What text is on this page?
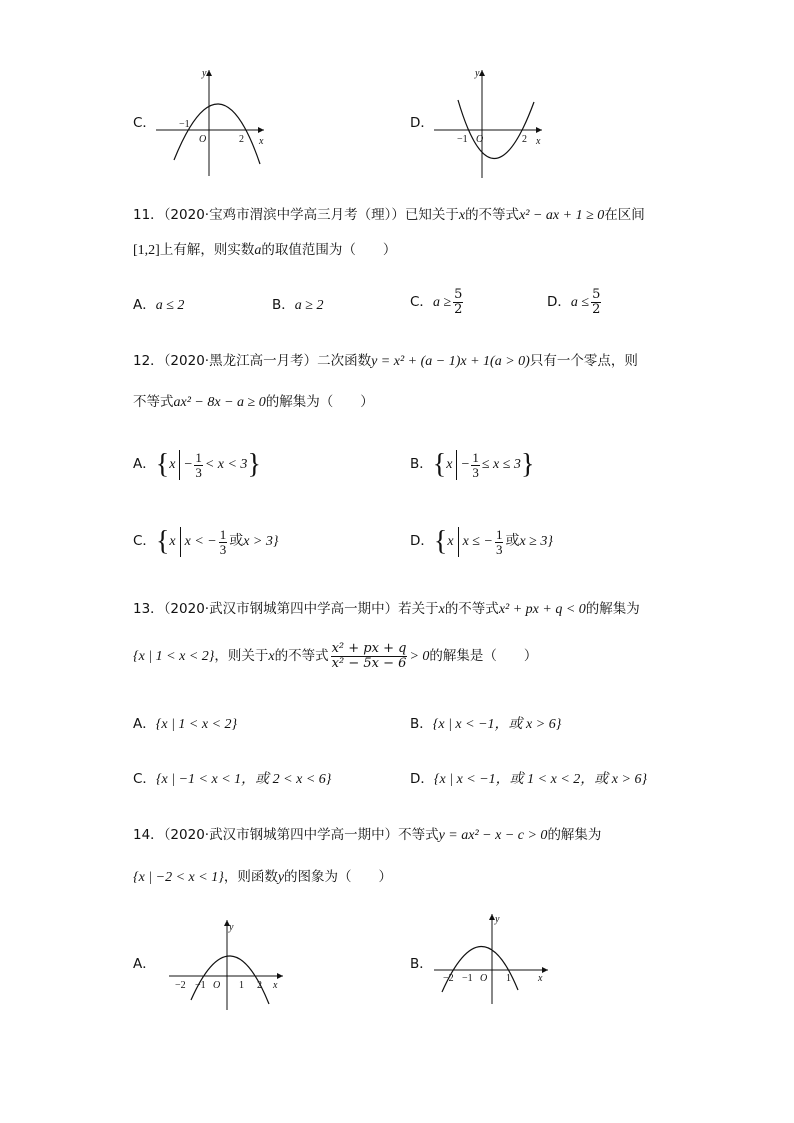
C．
y
x
O
−1
2
D．
y
x
O
−1	2
11．（2020·宝鸡市渭滨中学高三月考（理））已知关于x的不等式x² − ax + 1 ≥ 0在区间
[1,2]上有解，则实数a的取值范围为（　　）
A．a ≤ 2	B．a ≥ 2	C．$a \ge \frac{5}{2}$	D．$a \le \frac{5}{2}$
12．（2020·黑龙江高一月考）二次函数y = x² + (a − 1)x + 1(a > 0)只有一个零点，则
不等式ax² − 8x − a ≥ 0的解集为（　　）
A．$\{x - \frac{1}{3} < x < 3\}$	B．$\{x - \frac{1}{3} \le x \le 3\}$
C．{x x < − $\frac{1}{3}$ 或x > 3}	D．{x x ≤ − $\frac{1}{3}$ 或x ≥ 3}
13．（2020·武汉市钢城第四中学高一期中）若关于x的不等式x² + px + q < 0的解集为
{x | 1 < x < 2}，则关于x的不等式 $\frac{\text{x² + px + q}}{\text{x² − 5x − 6}} > 0$的解集是（　　）
A．{x | 1 < x < 2}	B．{x | x < −1，或 x > 6}
C．{x | −1 < x < 1，或 2 < x < 6}	D．{x | x < −1，或 1 < x < 2，或 x > 6}
14．（2020·武汉市钢城第四中学高一期中）不等式y = ax² − x − c > 0的解集为
{x | −2 < x < 1}，则函数y的图象为（　　）
A．
y
x
O
−2 −1	1 2
B．
y
x
O
−2 −1	1
